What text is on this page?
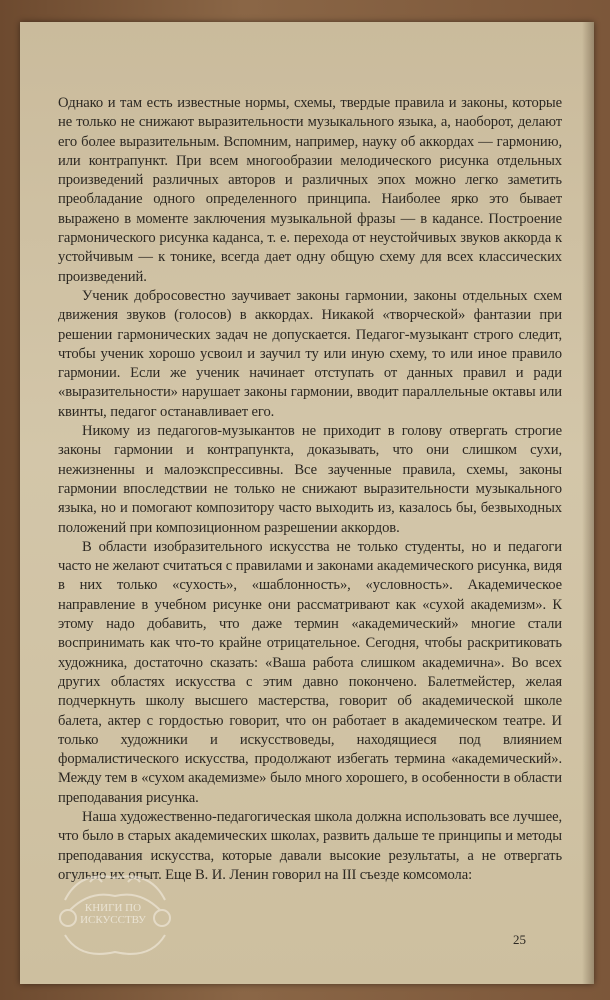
Однако и там есть известные нормы, схемы, твердые правила и законы, которые не только не снижают выразительности музыкального языка, а, наоборот, делают его более выразительным. Вспомним, например, науку об аккордах — гармонию, или контрапункт. При всем многообразии мелодического рисунка отдельных произведений различных авторов и различных эпох можно легко заметить преобладание одного определенного принципа. Наиболее ярко это бывает выражено в моменте заключения музыкальной фразы — в кадансе. Построение гармонического рисунка каданса, т. е. перехода от неустойчивых звуков аккорда к устойчивым — к тонике, всегда дает одну общую схему для всех классических произведений.

Ученик добросовестно заучивает законы гармонии, законы отдельных схем движения звуков (голосов) в аккордах. Никакой «творческой» фантазии при решении гармонических задач не допускается. Педагог-музыкант строго следит, чтобы ученик хорошо усвоил и заучил ту или иную схему, то или иное правило гармонии. Если же ученик начинает отступать от данных правил и ради «выразительности» нарушает законы гармонии, вводит параллельные октавы или квинты, педагог останавливает его.

Никому из педагогов-музыкантов не приходит в голову отвергать строгие законы гармонии и контрапункта, доказывать, что они слишком сухи, нежизненны и малоэкспрессивны. Все заученные правила, схемы, законы гармонии впоследствии не только не снижают выразительности музыкального языка, но и помогают композитору часто выходить из, казалось бы, безвыходных положений при композиционном разрешении аккордов.

В области изобразительного искусства не только студенты, но и педагоги часто не желают считаться с правилами и законами академического рисунка, видя в них только «сухость», «шаблонность», «условность». Академическое направление в учебном рисунке они рассматривают как «сухой академизм». К этому надо добавить, что даже термин «академический» многие стали воспринимать как что-то крайне отрицательное. Сегодня, чтобы раскритиковать художника, достаточно сказать: «Ваша работа слишком академична». Во всех других областях искусства с этим давно покончено. Балетмейстер, желая подчеркнуть школу высшего мастерства, говорит об академической школе балета, актер с гордостью говорит, что он работает в академическом театре. И только художники и искусствоведы, находящиеся под влиянием формалистического искусства, продолжают избегать термина «академический». Между тем в «сухом академизме» было много хорошего, в особенности в области преподавания рисунка.

Наша художественно-педагогическая школа должна использовать все лучшее, что было в старых академических школах, развить дальше те принципы и методы преподавания искусства, которые давали высокие результаты, а не отвергать огульно их опыт. Еще В. И. Ленин говорил на III съезде комсомола:

25
КНИГИ ПО ИСКУССТВУ
